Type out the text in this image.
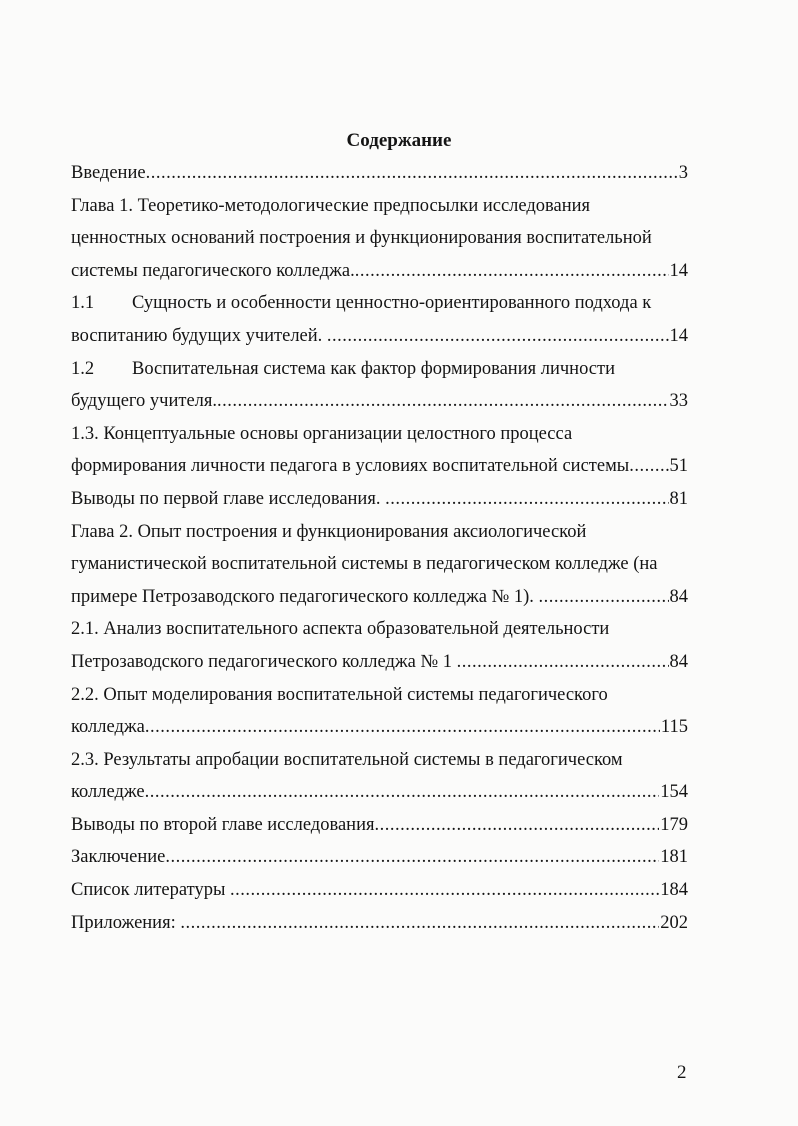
Содержание
Введение .....	3
Глава 1. Теоретико-методологические предпосылки исследования
ценностных оснований построения и функционирования воспитательной
системы педагогического колледжа. .....	14
1.1 Сущность и особенности ценностно-ориентированного подхода к
воспитанию будущих учителей. .....	14
1.2 Воспитательная система как фактор формирования личности
будущего учителя. .....	33
1.3. Концептуальные основы организации целостного процесса
формирования личности педагога в условиях воспитательной системы ..... 51
Выводы по первой главе исследования. .....	81
Глава 2. Опыт построения и функционирования аксиологической
гуманистической воспитательной системы в педагогическом колледже (на
примере Петрозаводского педагогического колледжа № 1). .....	84
2.1. Анализ воспитательного аспекта образовательной деятельности
Петрозаводского педагогического колледжа № 1 .....	84
2.2. Опыт моделирования воспитательной системы педагогического
колледжа .....	115
2.3. Результаты апробации воспитательной системы в педагогическом
колледже .....	154
Выводы по второй главе исследования .....	179
Заключение .....	181
Список литературы .....	184
Приложения: .....	202
2
